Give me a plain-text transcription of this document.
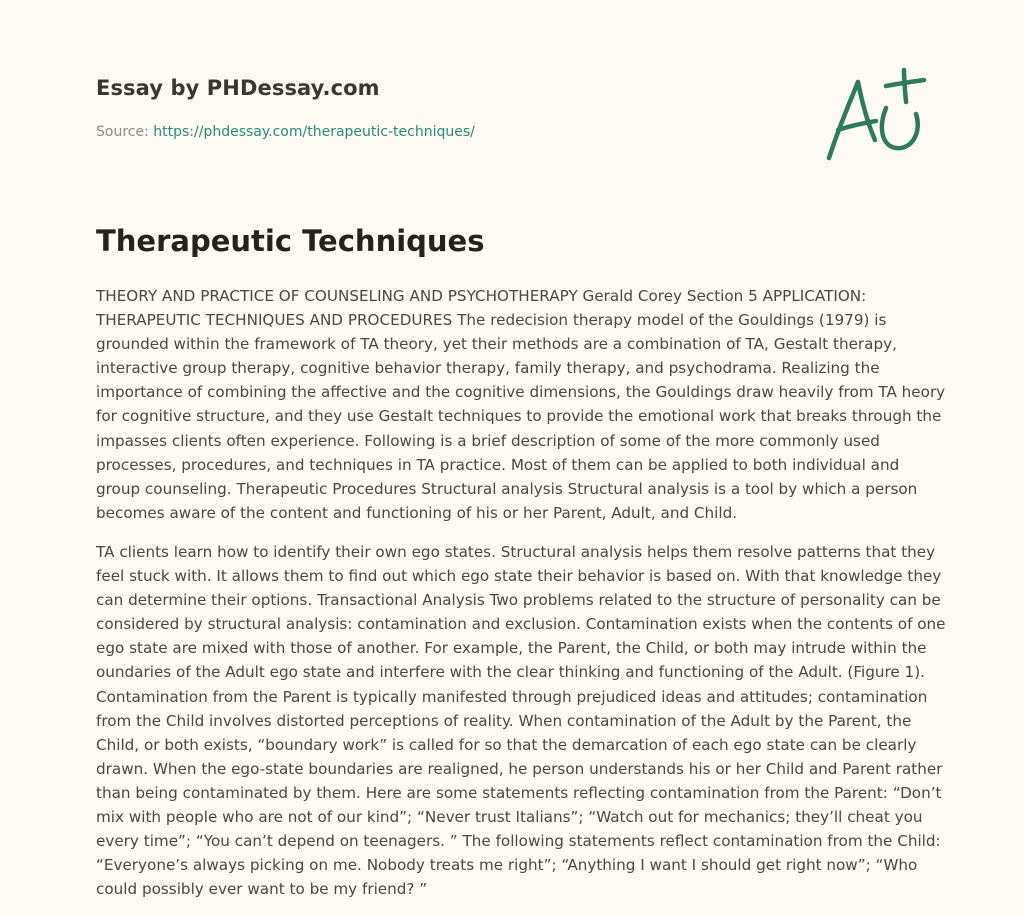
Essay by PHDessay.com
Source: https://phdessay.com/therapeutic-techniques/
Therapeutic Techniques

THEORY AND PRACTICE OF COUNSELING AND PSYCHOTHERAPY Gerald Corey Section 5 APPLICATION: THERAPEUTIC TECHNIQUES AND PROCEDURES The redecision therapy model of the Gouldings (1979) is grounded within the framework of TA theory, yet their methods are a combination of TA, Gestalt therapy, interactive group therapy, cognitive behavior therapy, family therapy, and psychodrama. Realizing the importance of combining the affective and the cognitive dimensions, the Gouldings draw heavily from TA heory for cognitive structure, and they use Gestalt techniques to provide the emotional work that breaks through the impasses clients often experience. Following is a brief description of some of the more commonly used processes, procedures, and techniques in TA practice. Most of them can be applied to both individual and group counseling. Therapeutic Procedures Structural analysis Structural analysis is a tool by which a person becomes aware of the content and functioning of his or her Parent, Adult, and Child.

TA clients learn how to identify their own ego states. Structural analysis helps them resolve patterns that they feel stuck with. It allows them to find out which ego state their behavior is based on. With that knowledge they can determine their options. Transactional Analysis Two problems related to the structure of personality can be considered by structural analysis: contamination and exclusion. Contamination exists when the contents of one ego state are mixed with those of another. For example, the Parent, the Child, or both may intrude within the oundaries of the Adult ego state and interfere with the clear thinking and functioning of the Adult. (Figure 1). Contamination from the Parent is typically manifested through prejudiced ideas and attitudes; contamination from the Child involves distorted perceptions of reality. When contamination of the Adult by the Parent, the Child, or both exists, “boundary work” is called for so that the demarcation of each ego state can be clearly drawn. When the ego-state boundaries are realigned, he person understands his or her Child and Parent rather than being contaminated by them. Here are some statements reflecting contamination from the Parent: “Don’t mix with people who are not of our kind”; “Never trust Italians”; “Watch out for mechanics; they’ll cheat you every time”; “You can’t depend on teenagers. ” The following statements reflect contamination from the Child: “Everyone’s always picking on me. Nobody treats me right”; “Anything I want I should get right now”; “Who could possibly ever want to be my friend? ”
